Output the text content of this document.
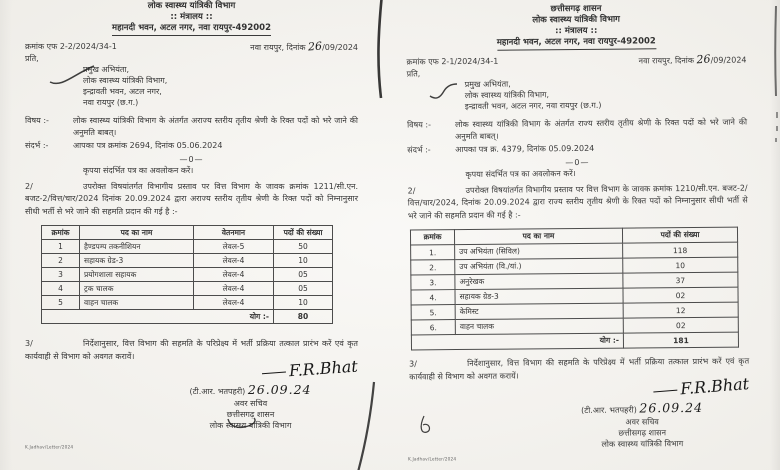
लोक स्वास्थ्य यांत्रिकी विभाग
:: मंत्रालय ::
महानदी भवन, अटल नगर, नवा रायपुर-492002
क्रमांक एफ 2-2/2024/34-1	नवा रायपुर, दिनांक 26/09/2024
प्रति,
प्रमुख अभियंता,
लोक स्वास्थ्य यांत्रिकी विभाग,
इन्द्रावती भवन, अटल नगर,
नवा रायपुर (छ.ग.)
विषय :-	लोक स्वास्थ्य यांत्रिकी विभाग के अंतर्गत अराज्य स्तरीय तृतीय श्रेणी के रिक्त पदों को भरे जाने की अनुमति बाबत्।
संदर्भ :-	आपका पत्र क्रमांक 2694, दिनांक 05.06.2024
—0—
कृपया संदर्भित पत्र का अवलोकन करें।
2/	उपरोक्त विषयांतर्गत विभागीय प्रस्ताव पर वित्त विभाग के जावक क्रमांक 1211/सी.एन. बजट-2/वित्त/चार/2024 दिनांक 20.09.2024 द्वारा अराज्य स्तरीय तृतीय श्रेणी के रिक्त पदों को निम्नानुसार सीधी भर्ती से भरे जाने की सहमति प्रदान की गई है :-
क्रमांक	पद का नाम	वेतनमान	पदों की संख्या
1	हैण्डपम्प तकनीशियन	लेवल-5	50
2	सहायक ग्रेड-3	लेवल-4	10
3	प्रयोगशाला सहायक	लेवल-4	05
4	ट्रक चालक	लेवल-4	05
5	वाहन चालक	लेवल-4	10
योग :-			80
3/	निर्देशानुसार, वित्त विभाग की सहमति के परिप्रेक्ष्य में भर्ती प्रक्रिया तत्काल प्रारंभ करें एवं कृत कार्यवाही से विभाग को अवगत करावें।
F.R.Bhat
(टी.आर. भतपहरी) 26.09.24
अवर सचिव
छत्तीसगढ़ शासन
लोक स्वास्थ्य यांत्रिकी विभाग
K.Jadhav/Letter/2024
छत्तीसगढ़ शासन
लोक स्वास्थ्य यांत्रिकी विभाग
:: मंत्रालय ::
महानदी भवन, अटल नगर, नवा रायपुर-492002
क्रमांक एफ 2-1/2024/34-1	नवा रायपुर, दिनांक 26/09/2024
प्रति,
प्रमुख अभियंता,
लोक स्वास्थ्य यांत्रिकी विभाग,
इन्द्रावती भवन, अटल नगर, नवा रायपुर (छ.ग.)
विषय :-	लोक स्वास्थ्य यांत्रिकी विभाग के अंतर्गत राज्य स्तरीय तृतीय श्रेणी के रिक्त पदों को भरे जाने की अनुमति बाबत्।
संदर्भ :-	आपका पत्र क्र. 4379, दिनांक 05.09.2024
—0—
कृपया संदर्भित पत्र का अवलोकन करें।
2/	उपरोक्त विषयांतर्गत विभागीय प्रस्ताव पर वित्त विभाग के जावक क्रमांक 1210/सी.एन. बजट-2/वित्त/चार/2024, दिनांक 20.09.2024 द्वारा राज्य स्तरीय तृतीय श्रेणी के रिक्त पदों को निम्नानुसार सीधी भर्ती से भरे जाने की सहमति प्रदान की गई है :-
क्रमांक	पद का नाम	पदों की संख्या
1.	उप अभियंता (सिविल)	118
2.	उप अभियंता (वि./यां.)	10
3.	अनुरेखक	37
4.	सहायक ग्रेड-3	02
5.	केमिस्ट	12
6.	वाहन चालक	02
योग :-		181
3/	निर्देशानुसार, वित्त विभाग की सहमति के परिप्रेक्ष्य में भर्ती प्रक्रिया तत्काल प्रारंभ करें एवं कृत कार्यवाही से विभाग को अवगत करायें।	F.R.Bhat
(टी.आर. भतपहरी) 26.09.24
अवर सचिव
छत्तीसगढ़ शासन
लोक स्वास्थ्य यांत्रिकी विभाग
K.Jadhav/Letter/2024
